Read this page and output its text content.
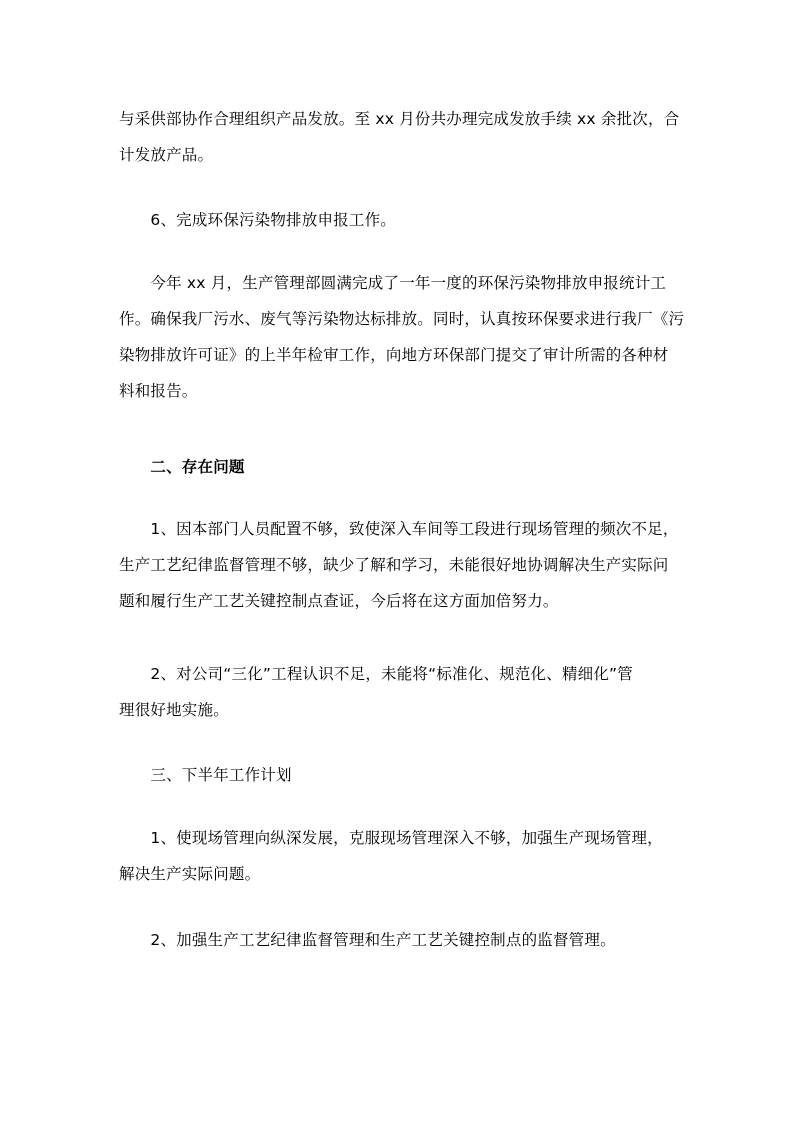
与采供部协作合理组织产品发放。至 xx 月份共办理完成发放手续 xx 余批次，合
计发放产品。

　　6、完成环保污染物排放申报工作。

　　今年 xx 月，生产管理部圆满完成了一年一度的环保污染物排放申报统计工
作。确保我厂污水、废气等污染物达标排放。同时，认真按环保要求进行我厂《污
染物排放许可证》的上半年检审工作，向地方环保部门提交了审计所需的各种材
料和报告。

　　二、存在问题

　　1、因本部门人员配置不够，致使深入车间等工段进行现场管理的频次不足，
生产工艺纪律监督管理不够，缺少了解和学习，未能很好地协调解决生产实际问
题和履行生产工艺关键控制点查证，今后将在这方面加倍努力。

　　2、对公司“三化”工程认识不足，未能将“标准化、规范化、精细化”管
理很好地实施。

　　三、下半年工作计划

　　1、使现场管理向纵深发展，克服现场管理深入不够，加强生产现场管理，
解决生产实际问题。

　　2、加强生产工艺纪律监督管理和生产工艺关键控制点的监督管理。
